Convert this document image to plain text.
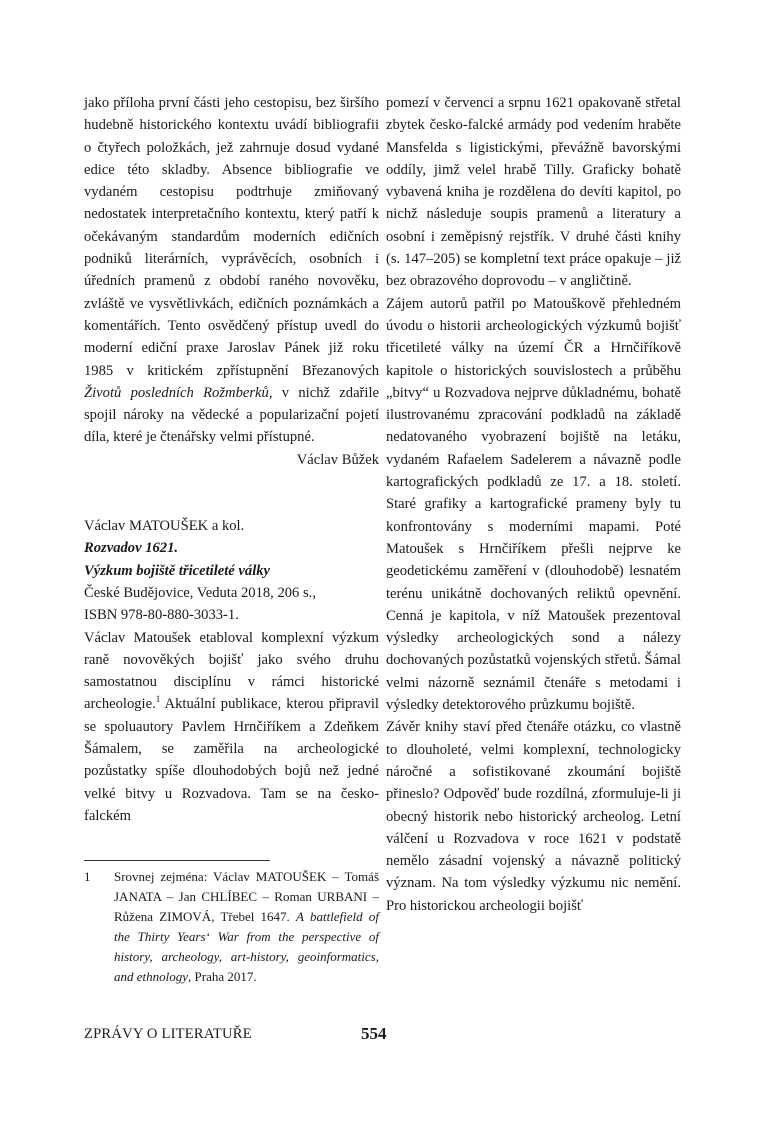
jako příloha první části jeho cestopisu, bez širšího hudebně historického kontextu uvádí bibliografii o čtyřech položkách, jež zahrnuje dosud vydané edice této skladby. Absence bibliografie ve vydaném cestopisu podtrhuje zmiňovaný nedostatek interpretačního kontextu, který patří k očekávaným standardům moderních edičních podniků literárních, vyprávěcích, osobních i úředních pramenů z období raného novověku, zvláště ve vysvětlivkách, edičních poznámkách a komentářích. Tento osvědčený přístup uvedl do moderní ediční praxe Jaroslav Pánek již roku 1985 v kritickém zpřístupnění Březanových Životů posledních Rožmberků, v nichž zdařile spojil nároky na vědecké a popularizační pojetí díla, které je čtenářsky velmi přístupné.

Václav Bůžek

Václav MATOUŠEK a kol.
Rozvadov 1621.
Výzkum bojiště třicetileté války
České Budějovice, Veduta 2018, 206 s.,
ISBN 978-80-880-3033-1.

Václav Matoušek etabloval komplexní výzkum raně novověkých bojišť jako svého druhu samostatnou disciplínu v rámci historické archeologie.$^1$ Aktuální publikace, kterou připravil se spoluautory Pavlem Hrnčiříkem a Zdeňkem Šámalem, se zaměřila na archeologické pozůstatky spíše dlouhodobých bojů než jedné velké bitvy u Rozvadova. Tam se na česko-falckém

pomezí v červenci a srpnu 1621 opakovaně střetal zbytek česko-falcké armády pod vedením hraběte Mansfelda s ligistickými, převážně bavorskými oddíly, jimž velel hrabě Tilly. Graficky bohatě vybavená kniha je rozdělena do devíti kapitol, po nichž následuje soupis pramenů a literatury a osobní i zeměpisný rejstřík. V druhé části knihy (s. 147–205) se kompletní text práce opakuje – již bez obrazového doprovodu – v angličtině.

Zájem autorů patřil po Matouškově přehledném úvodu o historii archeologických výzkumů bojišť třicetileté války na území ČR a Hrnčiříkově kapitole o historických souvislostech a průběhu „bitvy“ u Rozvadova nejprve důkladnému, bohatě ilustrovanému zpracování podkladů na základě nedatovaného vyobrazení bojiště na letáku, vydaném Rafaelem Sadelerem a návazně podle kartografických podkladů ze 17. a 18. století. Staré grafiky a kartografické prameny byly tu konfrontovány s moderními mapami. Poté Matoušek s Hrnčiříkem přešli nejprve ke geodetickému zaměření v (dlouhodobě) lesnatém terénu unikátně dochovaných reliktů opevnění. Cenná je kapitola, v níž Matoušek prezentoval výsledky archeologických sond a nálezy dochovaných pozůstatků vojenských střetů. Šámal velmi názorně seznámil čtenáře s metodami i výsledky detektorového průzkumu bojiště.

Závěr knihy staví před čtenáře otázku, co vlastně to dlouholeté, velmi komplexní, technologicky náročné a sofistikované zkoumání bojiště přineslo? Odpověď bude rozdílná, zformuluje-li ji obecný historik nebo historický archeolog. Letní válčení u Rozvadova v roce 1621 v podstatě nemělo zásadní vojenský a návazně politický význam. Na tom výsledky výzkumu nic nemění. Pro historickou archeologii bojišť

1 Srovnej zejména: Václav MATOUŠEK – Tomáš JANATA – Jan CHLÍBEC – Roman URBANI – Růžena ZIMOVÁ, Třebel 1647. A battlefield of the Thirty Years‘ War from the perspective of history, archeology, art-history, geoinformatics, and ethnology, Praha 2017.
ZPRÁVY O LITERATUŘE	554
